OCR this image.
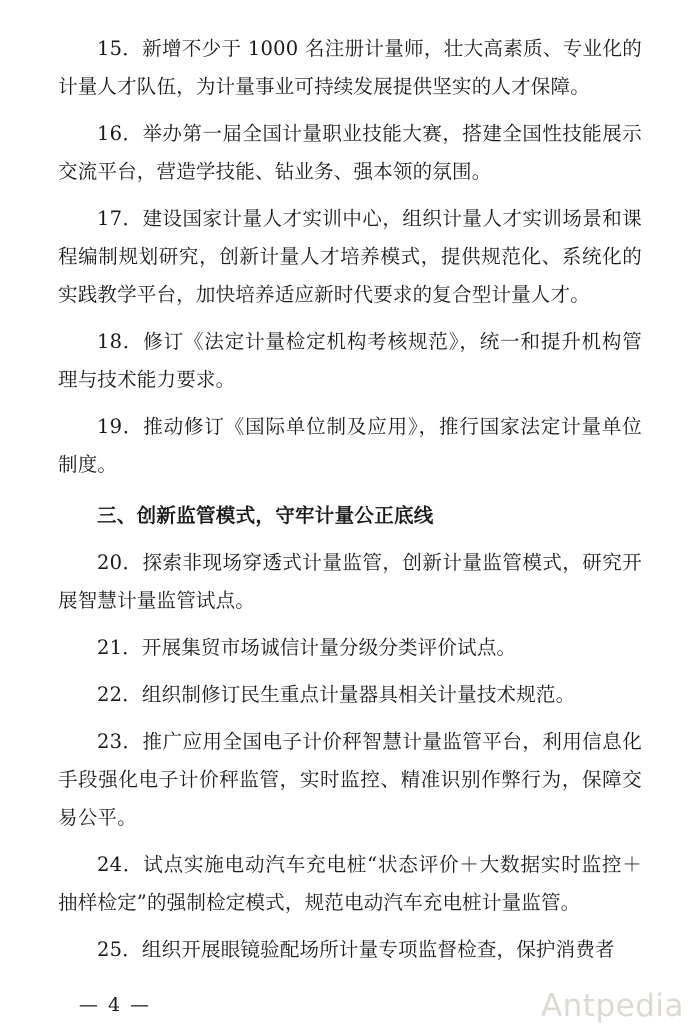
15．新增不少于 1000 名注册计量师，壮大高素质、专业化的计量人才队伍，为计量事业可持续发展提供坚实的人才保障。

16．举办第一届全国计量职业技能大赛，搭建全国性技能展示交流平台，营造学技能、钻业务、强本领的氛围。

17．建设国家计量人才实训中心，组织计量人才实训场景和课程编制规划研究，创新计量人才培养模式，提供规范化、系统化的实践教学平台，加快培养适应新时代要求的复合型计量人才。

18．修订《法定计量检定机构考核规范》，统一和提升机构管理与技术能力要求。

19．推动修订《国际单位制及应用》，推行国家法定计量单位制度。

三、创新监管模式，守牢计量公正底线

20．探索非现场穿透式计量监管，创新计量监管模式，研究开展智慧计量监管试点。

21．开展集贸市场诚信计量分级分类评价试点。

22．组织制修订民生重点计量器具相关计量技术规范。

23．推广应用全国电子计价秤智慧计量监管平台，利用信息化手段强化电子计价秤监管，实时监控、精准识别作弊行为，保障交易公平。

24．试点实施电动汽车充电桩“状态评价＋大数据实时监控＋抽样检定”的强制检定模式，规范电动汽车充电桩计量监管。

25．组织开展眼镜验配场所计量专项监督检查，保护消费者

— 4 —	Antpedia
